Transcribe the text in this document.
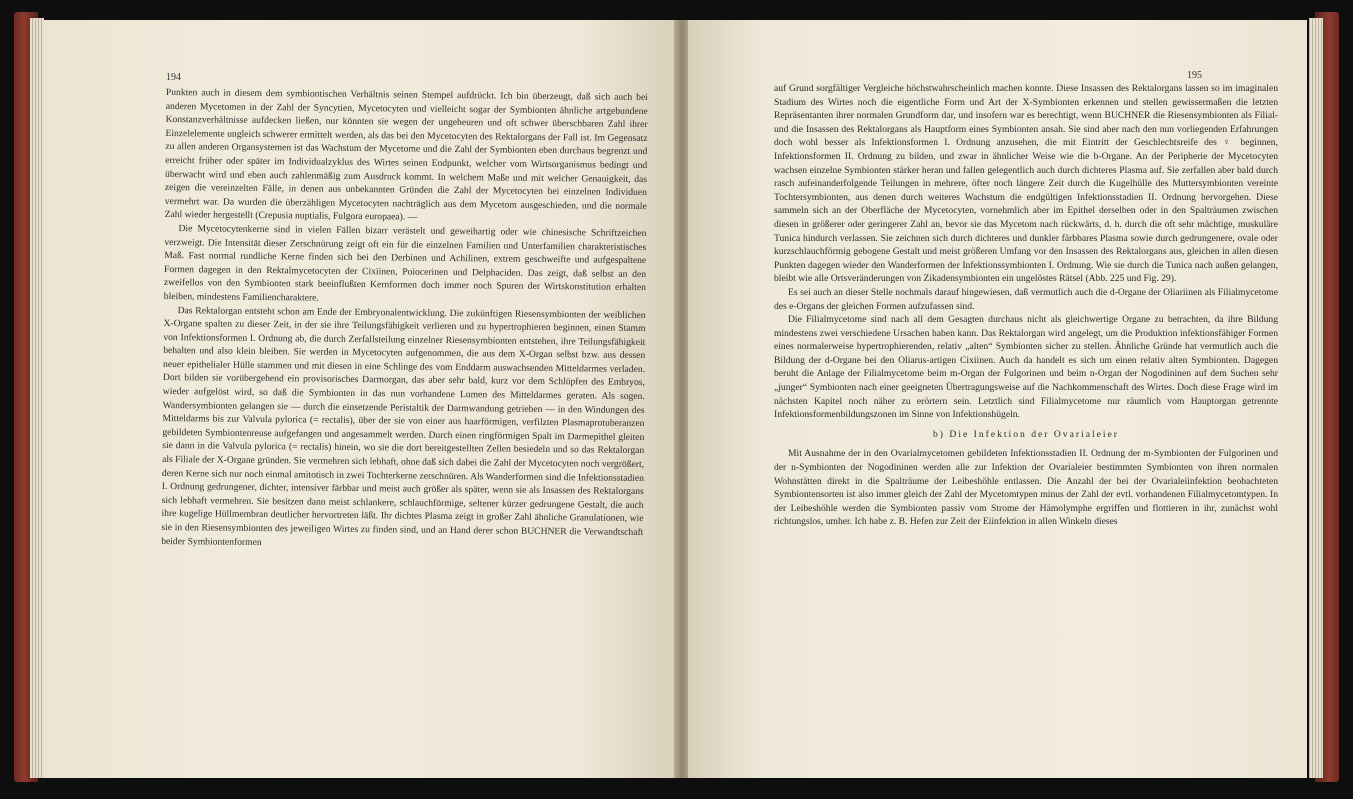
194

Punkten auch in diesem dem symbiontischen Verhältnis seinen Stempel aufdrückt. Ich bin überzeugt, daß sich auch bei anderen Mycetomen in der Zahl der Syncytien, Mycetocyten und vielleicht sogar der Symbionten ähnliche artgebundene Konstanzverhältnisse aufdecken ließen, nur könnten sie wegen der ungeheuren und oft schwer überschbaren Zahl ihrer Einzelelemente ungleich schwerer ermittelt werden, als das bei den Mycetocyten des Rektalorgans der Fall ist. Im Gegensatz zu allen anderen Organsystemen ist das Wachstum der Mycetome und die Zahl der Symbionten eben durchaus begrenzt und erreicht früher oder später im Individualzyklus des Wirtes seinen Endpunkt, welcher vom Wirtsorganismus bedingt und überwacht wird und eben auch zahlenmäßig zum Ausdruck kommt. In welchem Maße und mit welcher Genauigkeit, das zeigen die vereinzelten Fälle, in denen aus unbekannten Gründen die Zahl der Mycetocyten bei einzelnen Individuen vermehrt war. Da wurden die überzähligen Mycetocyten nachträglich aus dem Mycetom ausgeschieden, und die normale Zahl wieder hergestellt (Crepusia nuptialis, Fulgora europaea). —

Die Mycetocytenkerne sind in vielen Fällen bizarr verästelt und geweihartig oder wie chinesische Schriftzeichen verzweigt. Die Intensität dieser Zerschnürung zeigt oft ein für die einzelnen Familien und Unterfamilien charakteristisches Maß. Fast normal rundliche Kerne finden sich bei den Derbinen und Achilinen, extrem geschweifte und aufgespaltene Formen dagegen in den Rektalmycetocyten der Cixiinen, Poiocerinen und Delphaciden. Das zeigt, daß selbst an den zweifellos von den Symbionten stark beeinflußten Kernformen doch immer noch Spuren der Wirtskonstitution erhalten bleiben, mindestens Familiencharaktere.

Das Rektalorgan entsteht schon am Ende der Embryonalentwicklung. Die zukünftigen Riesensymbionten der weiblichen X-Organe spalten zu dieser Zeit, in der sie ihre Teilungsfähigkeit verlieren und zu hypertrophieren beginnen, einen Stamm von Infektionsformen I. Ordnung ab, die durch Zerfallsteilung einzelner Riesensymbionten entstehen, ihre Teilungsfähigkeit behalten und also klein bleiben. Sie werden in Mycetocyten aufgenommen, die aus dem X-Organ selbst bzw. aus dessen neuer epithelialer Hülle stammen und mit diesen in eine Schlinge des vom Enddarm auswachsenden Mitteldarmes verladen. Dort bilden sie vorübergehend ein provisorisches Darmorgan, das aber sehr bald, kurz vor dem Schlüpfen des Embryos, wieder aufgelöst wird, so daß die Symbionten in das nun vorhandene Lumen des Mitteldarmes geraten. Als sogen. Wandersymbionten gelangen sie — durch die einsetzende Peristaltik der Darmwandung getrieben — in den Windungen des Mitteldarms bis zur Valvula pylorica (= rectalis), über der sie von einer aus haarförmigen, verfilzten Plasmaprotuberanzen gebildeten Symbiontenreuse aufgefangen und angesammelt werden. Durch einen ringförmigen Spalt im Darmepithel gleiten sie dann in die Valvula pylorica (= rectalis) hinein, wo sie die dort bereitgestellten Zellen besiedeln und so das Rektalorgan als Filiale der X-Organe gründen. Sie vermehren sich lebhaft, ohne daß sich dabei die Zahl der Mycetocyten noch vergrößert, deren Kerne sich nur noch einmal amitotisch in zwei Tochterkerne zerschnüren. Als Wanderformen sind die Infektionsstadien I. Ordnung gedrungener, dichter, intensiver färbbar und meist auch größer als später, wenn sie als Insassen des Rektalorgans sich lebhaft vermehren. Sie besitzen dann meist schlankere, schlauchförmige, seltener kürzer gedrungene Gestalt, die auch ihre kugelige Hüllmembran deutlicher hervortreten läßt. Ihr dichtes Plasma zeigt in großer Zahl ähnliche Granulationen, wie sie in den Riesensymbionten des jeweiligen Wirtes zu finden sind, und an Hand derer schon BUCHNER die Verwandtschaft beider Symbiontenformen

195

auf Grund sorgfältiger Vergleiche höchstwahrscheinlich machen konnte. Diese Insassen des Rektalorgans lassen so im imaginalen Stadium des Wirtes noch die eigentliche Form und Art der X-Symbionten erkennen und stellen gewissermaßen die letzten Repräsentanten ihrer normalen Grundform dar, und insofern war es berechtigt, wenn BUCHNER die Riesensymbionten als Filial- und die Insassen des Rektalorgans als Hauptform eines Symbionten ansah. Sie sind aber nach den nun vorliegenden Erfahrungen doch wohl besser als Infektionsformen I. Ordnung anzusehen, die mit Eintritt der Geschlechtsreife des ♀ beginnen, Infektionsformen II. Ordnung zu bilden, und zwar in ähnlicher Weise wie die b-Organe. An der Peripherie der Mycetocyten wachsen einzelne Symbionten stärker heran und fallen gelegentlich auch durch dichteres Plasma auf. Sie zerfallen aber bald durch rasch aufeinanderfolgende Teilungen in mehrere, öfter noch längere Zeit durch die Kugelhülle des Muttersymbionten vereinte Tochtersymbionten, aus denen durch weiteres Wachstum die endgültigen Infektionsstadien II. Ordnung hervorgehen. Diese sammeln sich an der Oberfläche der Mycetocyten, vornehmlich aber im Epithel derselben oder in den Spalträumen zwischen diesen in größerer oder geringerer Zahl an, bevor sie das Mycetom nach rückwärts, d. h. durch die oft sehr mächtige, muskuläre Tunica hindurch verlassen. Sie zeichnen sich durch dichteres und dunkler färbbares Plasma sowie durch gedrungenere, ovale oder kurzschlauchförmig gebogene Gestalt und meist größeren Umfang vor den Insassen des Rektalorgans aus, gleichen in allen diesen Punkten dagegen wieder den Wanderformen der Infektionssymbionten I. Ordnung. Wie sie durch die Tunica nach außen gelangen, bleibt wie alle Ortsveränderungen von Zikadensymbionten ein ungelöstes Rätsel (Abb. 225 und Fig. 29).

Es sei auch an dieser Stelle nochmals darauf hingewiesen, daß vermutlich auch die d-Organe der Oliariinen als Filialmycetome des e-Organs der gleichen Formen aufzufassen sind.

Die Filialmycetome sind nach all dem Gesagten durchaus nicht als gleichwertige Organe zu betrachten, da ihre Bildung mindestens zwei verschiedene Ursachen haben kann. Das Rektalorgan wird angelegt, um die Produktion infektionsfähiger Formen eines normalerweise hypertrophierenden, relativ „alten“ Symbionten sicher zu stellen. Ähnliche Gründe hat vermutlich auch die Bildung der d-Organe bei den Oliarus-artigen Cixiinen. Auch da handelt es sich um einen relativ alten Symbionten. Dagegen beruht die Anlage der Filialmycetome beim m-Organ der Fulgorinen und beim n-Organ der Nogodininen auf dem Suchen sehr „junger“ Symbionten nach einer geeigneten Übertragungsweise auf die Nachkommenschaft des Wirtes. Doch diese Frage wird im nächsten Kapitel noch näher zu erörtern sein. Letztlich sind Filialmycetome nur räumlich vom Hauptorgan getrennte Infektionsformenbildungszonen im Sinne von Infektionshügeln.

b) Die Infektion der Ovarialeier

Mit Ausnahme der in den Ovarialmycetomen gebildeten Infektionsstadien II. Ordnung der m-Symbionten der Fulgorinen und der n-Symbionten der Nogodininen werden alle zur Infektion der Ovarialeier bestimmten Symbionten von ihren normalen Wohnstätten direkt in die Spalträume der Leibeshöhle entlassen. Die Anzahl der bei der Ovarialeiinfektion beobachteten Symbiontensorten ist also immer gleich der Zahl der Mycetomtypen minus der Zahl der evtl. vorhandenen Filialmycetomtypen. In der Leibeshöhle werden die Symbionten passiv vom Strome der Hämolymphe ergriffen und flottieren in ihr, zunächst wohl richtungslos, umher. Ich habe z. B. Hefen zur Zeit der Eiinfektion in allen Winkeln dieses
